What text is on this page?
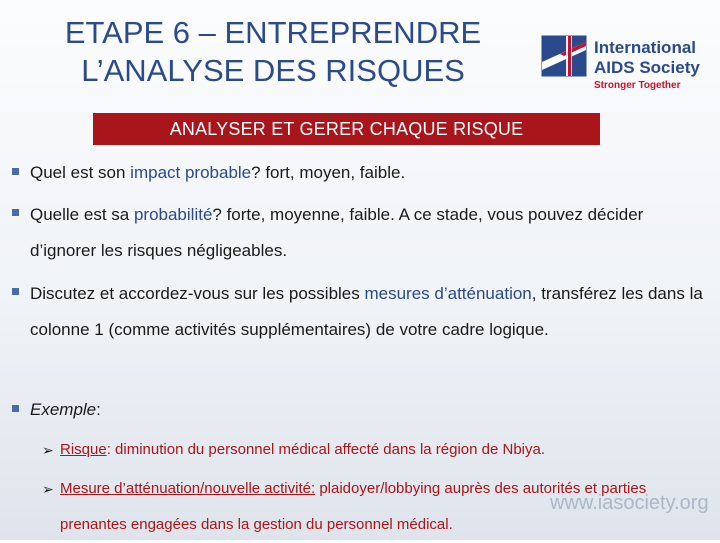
ETAPE 6 – ENTREPRENDRE
L’ANALYSE DES RISQUES
International
AIDS Society
Stronger Together
ANALYSER ET GERER CHAQUE RISQUE
Quel est son impact probable? fort, moyen, faible.
Quelle est sa probabilité? forte, moyenne, faible. A ce stade, vous pouvez décider d’ignorer les risques négligeables.
Discutez et accordez-vous sur les possibles mesures d’atténuation, transférez les dans la colonne 1 (comme activités supplémentaires) de votre cadre logique.
Exemple:
➢ Risque: diminution du personnel médical affecté dans la région de Nbiya.
➢ Mesure d’atténuation/nouvelle activité: plaidoyer/lobbying auprès des autorités et parties prenantes engagées dans la gestion du personnel médical.
www.iasociety.org
